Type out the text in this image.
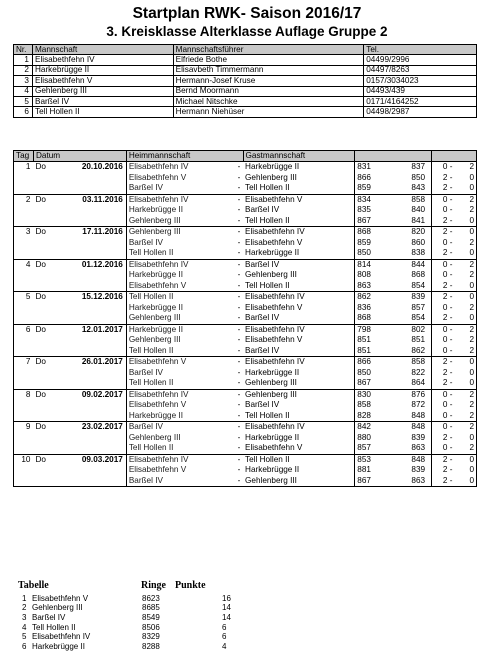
Startplan RWK- Saison 2016/17
3. Kreisklasse Alterklasse Auflage Gruppe 2
Nr.	Mannschaft	Mannschaftsführer	Tel.
1	Elisabethfehn IV	Elfriede Bothe	04499/2996
2	Harkebrügge II	Elisavbeth Timmermann	04497/8263
3	Elisabethfehn V	Hermann-Josef Kruse	0157/3034023
4	Gehlenberg III	Bernd Moormann	04493/439
5	Barßel IV	Michael Nitschke	0171/4164252
6	Tell Hollen II	Hermann Niehüser	04498/2987
Tag	Datum		Heimmannschaft		Gastmannschaft				
1	Do	20.10.2016	Elisabethfehn IV	-	Harkebrügge II	831	837	0 -	2
			Elisabethfehn V	-	Gehlenberg III	866	850	2 -	0
			Barßel IV	-	Tell Hollen II	859	843	2 -	0
2	Do	03.11.2016	Elisabethfehn IV	-	Elisabethfehn V	834	858	0 -	2
			Harkebrügge II	-	Barßel IV	835	840	0 -	2
			Gehlenberg III	-	Tell Hollen II	867	841	2 -	0
3	Do	17.11.2016	Gehlenberg III	-	Elisabethfehn IV	868	820	2 -	0
			Barßel IV	-	Elisabethfehn V	859	860	0 -	2
			Tell Hollen II	-	Harkebrügge II	850	838	2 -	0
4	Do	01.12.2016	Elisabethfehn IV	-	Barßel IV	814	844	0 -	2
			Harkebrügge II	-	Gehlenberg III	808	868	0 -	2
			Elisabethfehn V	-	Tell Hollen II	863	854	2 -	0
5	Do	15.12.2016	Tell Hollen II	-	Elisabethfehn IV	862	839	2 -	0
			Harkebrügge II	-	Elisabethfehn V	836	857	0 -	2
			Gehlenberg III	-	Barßel IV	868	854	2 -	0
6	Do	12.01.2017	Harkebrügge II	-	Elisabethfehn IV	798	802	0 -	2
			Gehlenberg III	-	Elisabethfehn V	851	851	0 -	2
			Tell Hollen II	-	Barßel IV	851	862	0 -	2
7	Do	26.01.2017	Elisabethfehn V	-	Elisabethfehn IV	866	858	2 -	0
			Barßel IV	-	Harkebrügge II	850	822	2 -	0
			Tell Hollen II	-	Gehlenberg III	867	864	2 -	0
8	Do	09.02.2017	Elisabethfehn IV	-	Gehlenberg III	830	876	0 -	2
			Elisabethfehn V	-	Barßel IV	858	872	0 -	2
			Harkebrügge II	-	Tell Hollen II	828	848	0 -	2
9	Do	23.02.2017	Barßel IV	-	Elisabethfehn IV	842	848	0 -	2
			Gehlenberg III	-	Harkebrügge II	880	839	2 -	0
			Tell Hollen II	-	Elisabethfehn V	857	863	0 -	2
10	Do	09.03.2017	Elisabethfehn IV	-	Tell Hollen II	853	848	2 -	0
			Elisabethfehn V	-	Harkebrügge II	881	839	2 -	0
			Barßel IV	-	Gehlenberg III	867	863	2 -	0
Tabelle	Ringe Punkte
1	Elisabethfehn V	8623	16
2	Gehlenberg III	8685	14
3	Barßel IV	8549	14
4	Tell Hollen II	8506	6
5	Elisabethfehn IV	8329	6
6	Harkebrügge II	8288	4
